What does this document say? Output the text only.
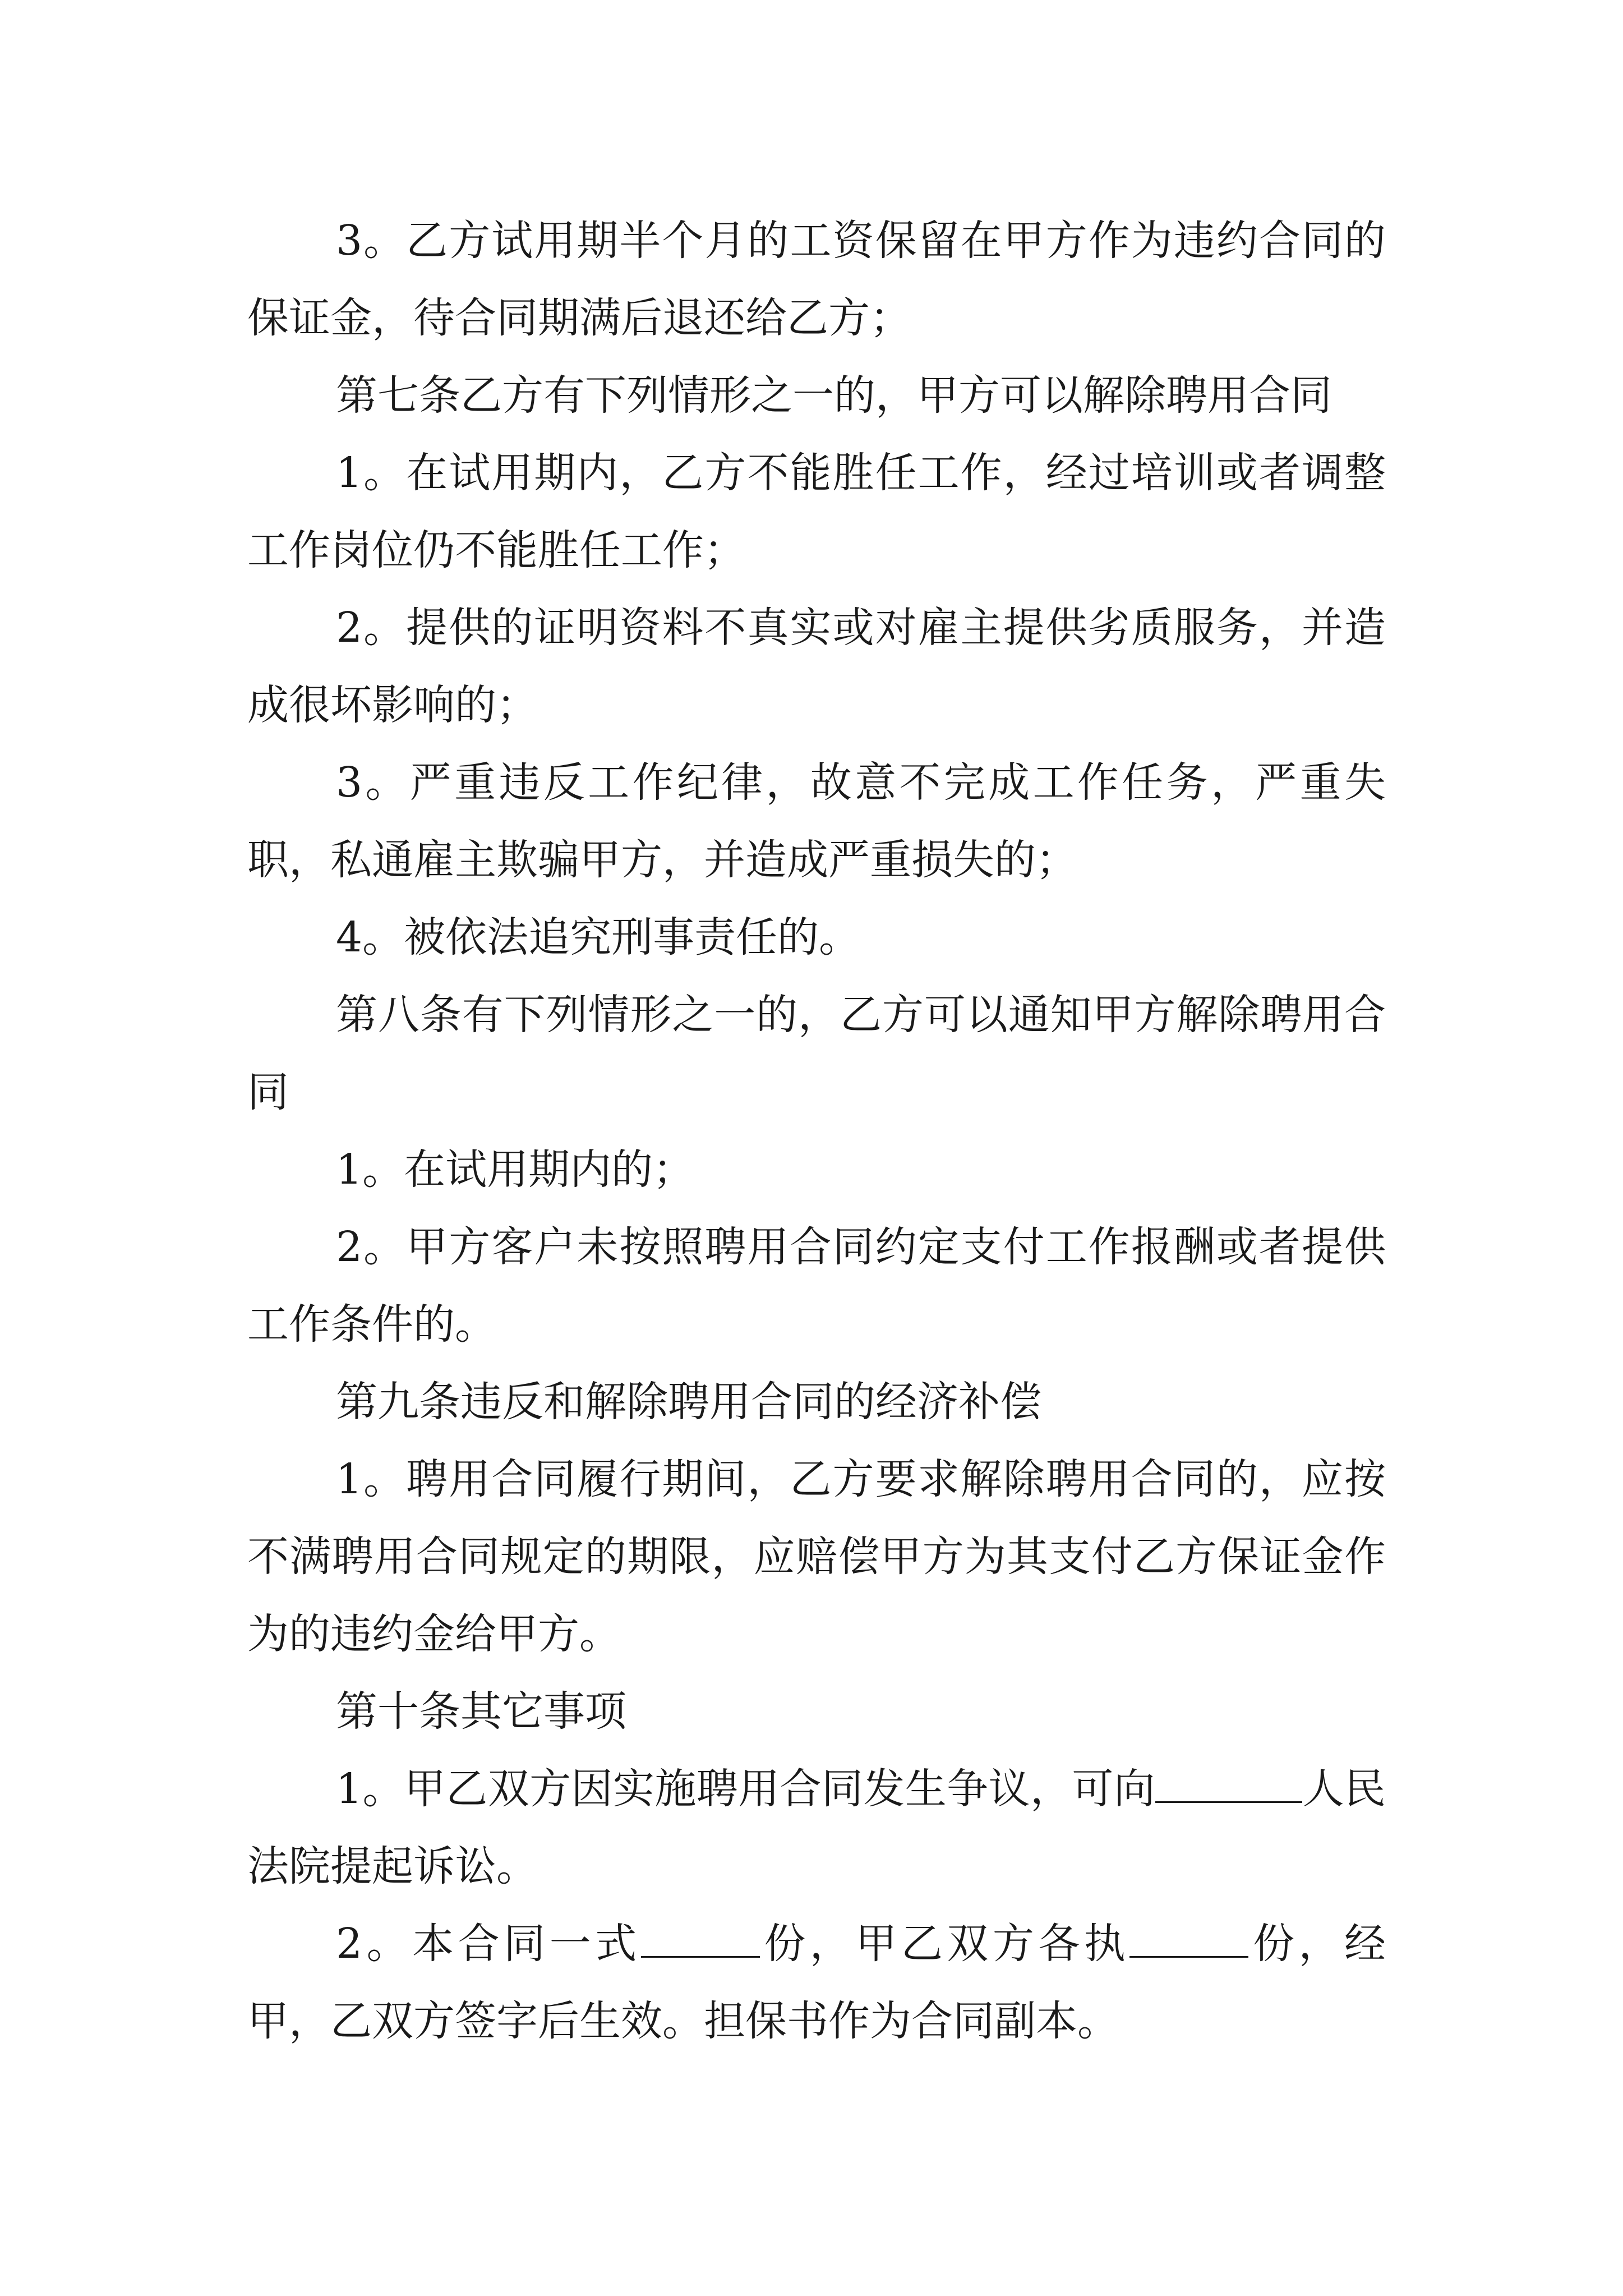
3。乙方试用期半个月的工资保留在甲方作为违约合同的保证金，待合同期满后退还给乙方；

第七条乙方有下列情形之一的，甲方可以解除聘用合同

1。在试用期内，乙方不能胜任工作，经过培训或者调整工作岗位仍不能胜任工作；

2。提供的证明资料不真实或对雇主提供劣质服务，并造成很坏影响的；

3。严重违反工作纪律，故意不完成工作任务，严重失职，私通雇主欺骗甲方，并造成严重损失的；

4。被依法追究刑事责任的。

第八条有下列情形之一的，乙方可以通知甲方解除聘用合同

1。在试用期内的；

2。甲方客户未按照聘用合同约定支付工作报酬或者提供工作条件的。

第九条违反和解除聘用合同的经济补偿

1。聘用合同履行期间，乙方要求解除聘用合同的，应按不满聘用合同规定的期限，应赔偿甲方为其支付乙方保证金作为的违约金给甲方。

第十条其它事项

1。甲乙双方因实施聘用合同发生争议，可向	人民法院提起诉讼。

2。本合同一式	份，甲乙双方各执	份，经甲，乙双方签字后生效。担保书作为合同副本。
